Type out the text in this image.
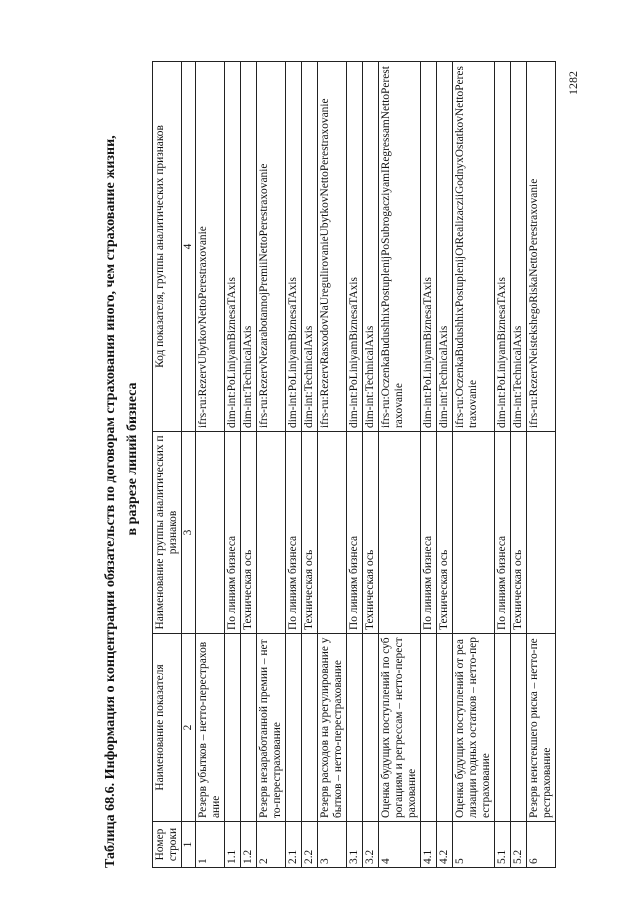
1282
Таблица 68.6. Информация о концентрации обязательств по договорам страхования иного, чем страхование жизни, в разрезе линий бизнеса
Номер строки	Наименование показателя	Наименование группы аналитических признаков	Код показателя, группы аналитических признаков
1	2	3	4
1	Резерв убытков – нетто-перестрахование		ifrs-ru:RezervUbytkovNettoPerestraxovanie
1.1		По линиям бизнеса	dim-int:PoLiniyamBiznesaTAxis
1.2		Техническая ось	dim-int:TechnicalAxis
2	Резерв незаработанной премии – нетто-перестрахование		ifrs-ru:RezervNezarabotannojPremiiNettoPerestraxovanie
2.1		По линиям бизнеса	dim-int:PoLiniyamBiznesaTAxis
2.2		Техническая ось	dim-int:TechnicalAxis
3	Резерв расходов на урегулирование убытков – нетто-перестрахование		ifrs-ru:RezervRasxodovNaUregulirovanieUbytkovNettoPerestraxovanie
3.1		По линиям бизнеса	dim-int:PoLiniyamBiznesaTAxis
3.2		Техническая ось	dim-int:TechnicalAxis
4	Оценка будущих поступлений по суброгациям и регрессам – нетто-перестрахование		ifrs-ru:OczenkaBudushhixPostuplenijPoSubrogacziyamIRegressamNettoPerestraxovanie
4.1		По линиям бизнеса	dim-int:PoLiniyamBiznesaTAxis
4.2		Техническая ось	dim-int:TechnicalAxis
5	Оценка будущих поступлений от реализации годных остатков – нетто-перестрахование		ifrs-ru:OczenkaBudushhixPostuplenijOtRealizacziiGodnyxOstatkovNettoPerestraxovanie
5.1		По линиям бизнеса	dim-int:PoLiniyamBiznesaTAxis
5.2		Техническая ось	dim-int:TechnicalAxis
6	Резерв неистекшего риска – нетто-перестрахование		ifrs-ru:RezervNeistekshegoRiskaNettoPerestraxovanie
